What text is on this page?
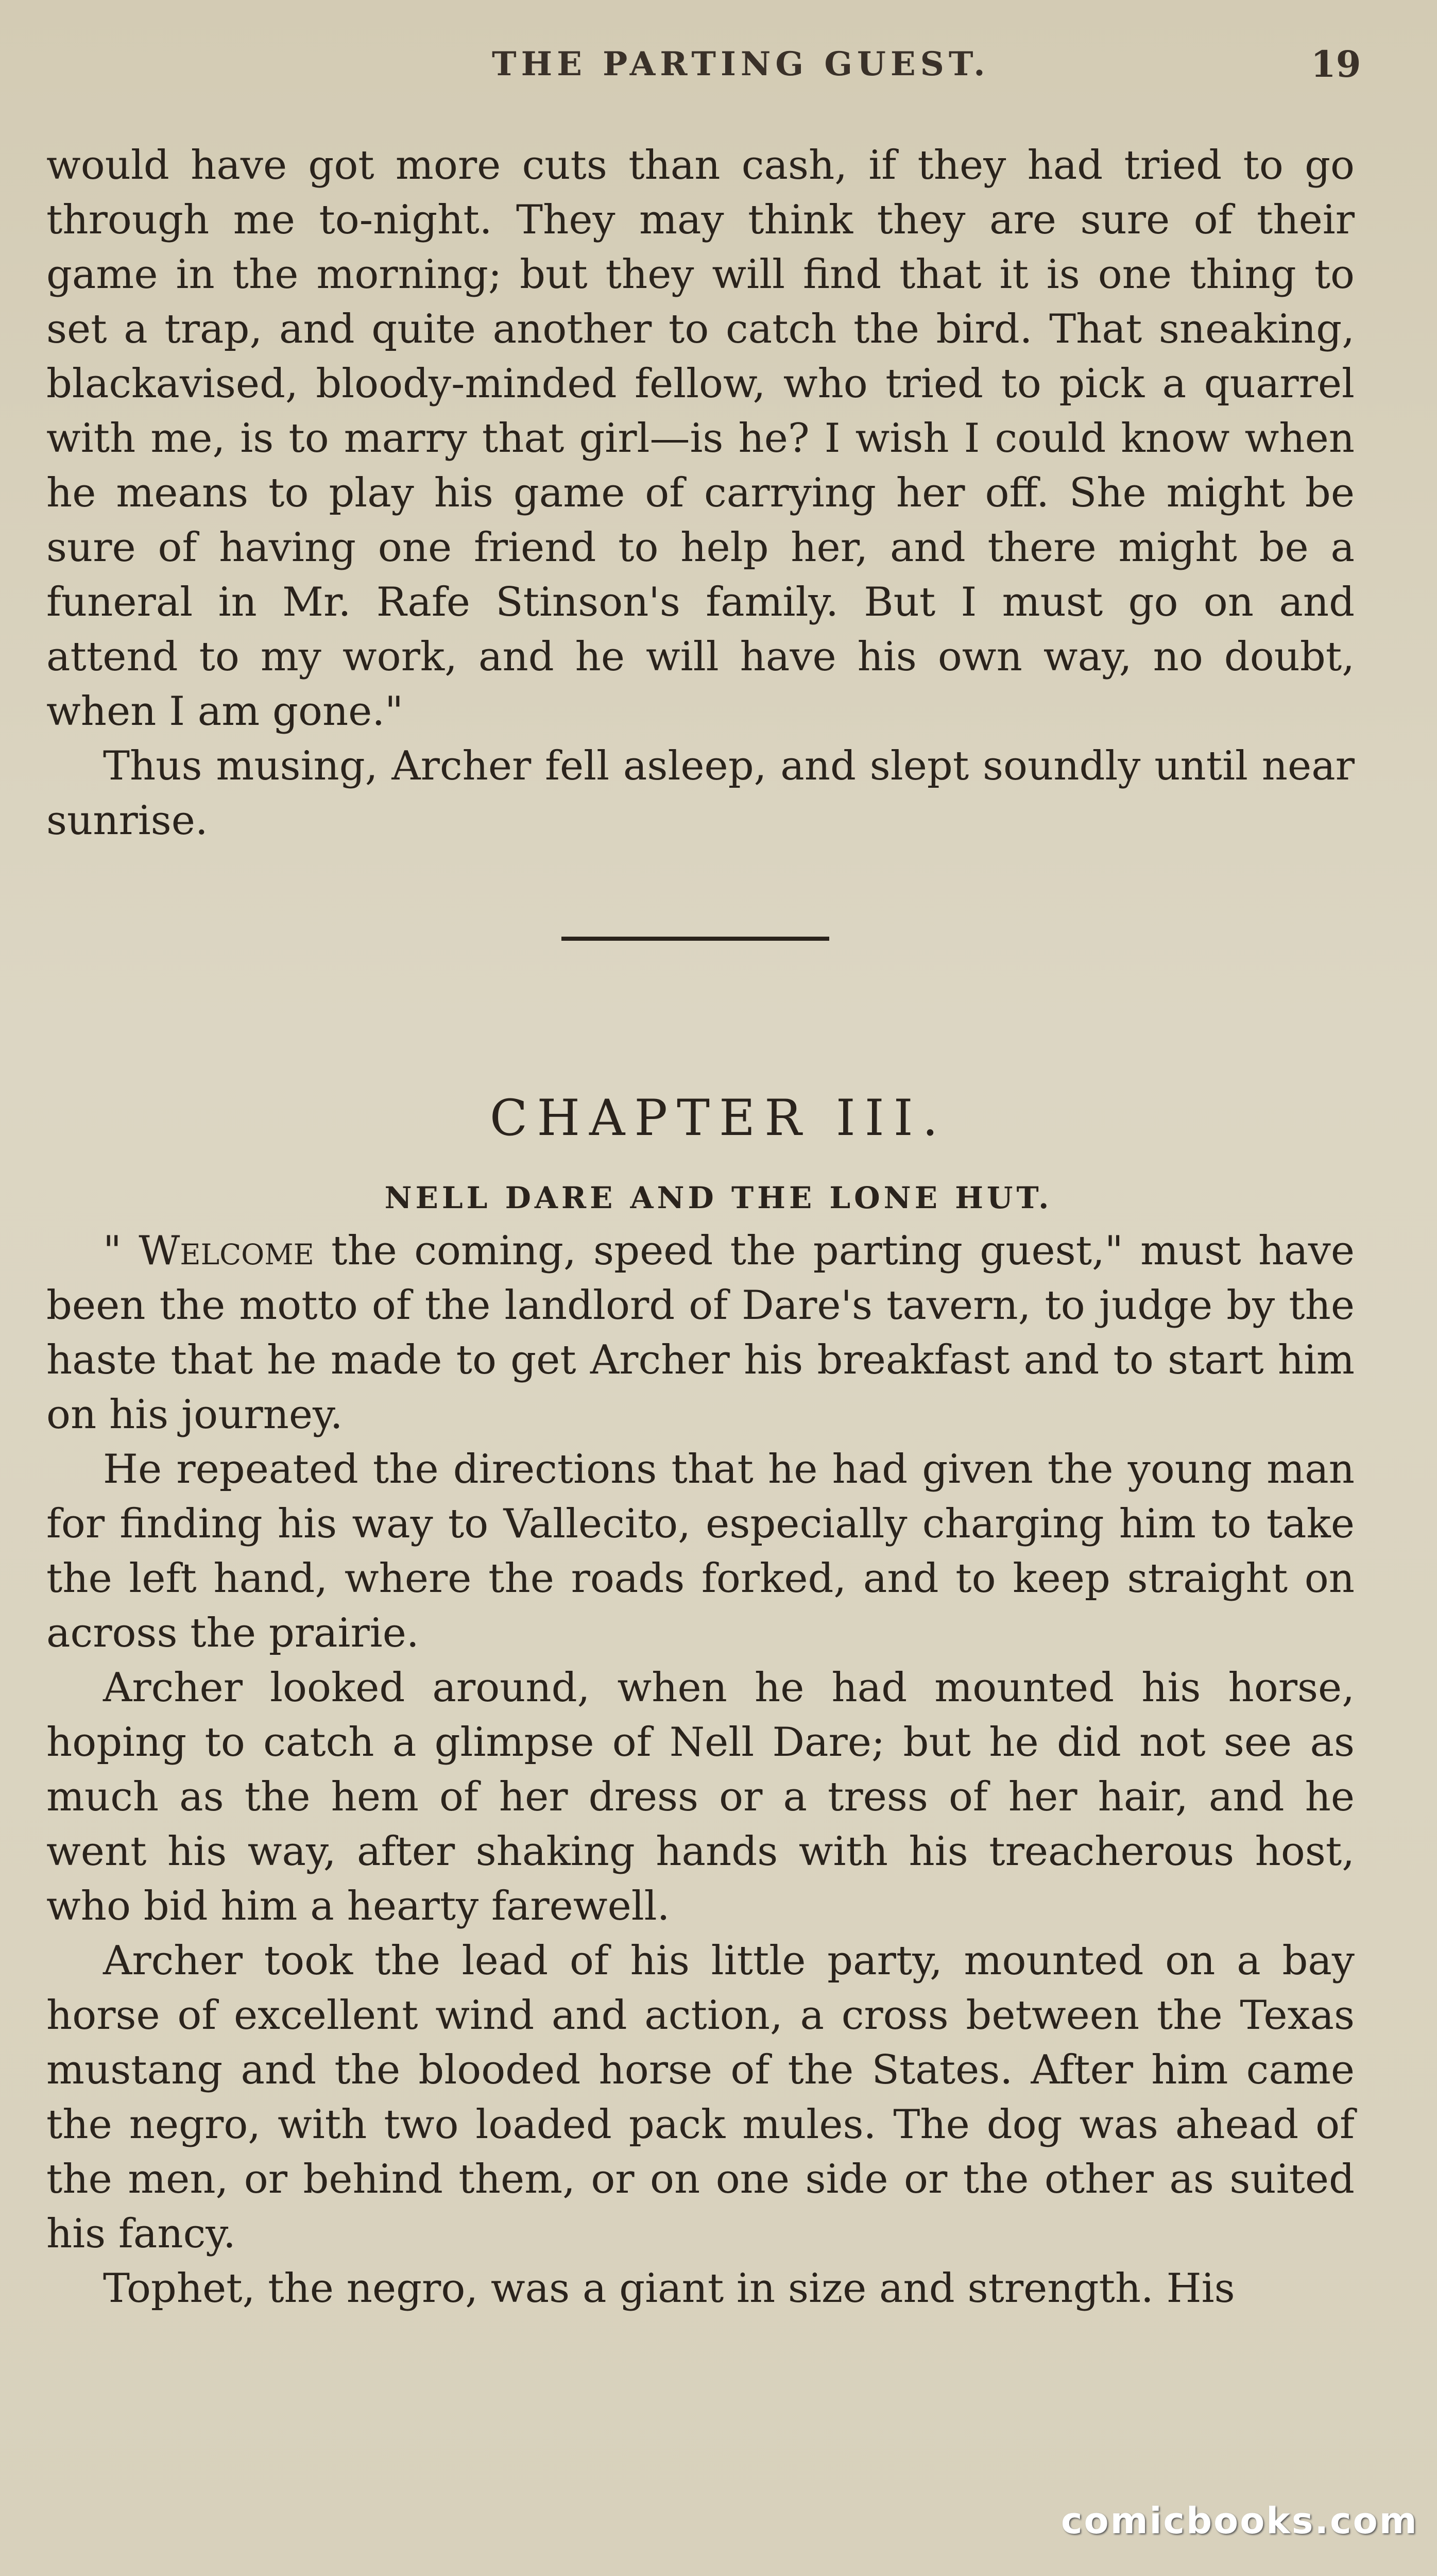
THE PARTING GUEST.	19

would have got more cuts than cash, if they had tried to go through me to-night. They may think they are sure of their game in the morning; but they will find that it is one thing to set a trap, and quite another to catch the bird. That sneaking, blackavised, bloody-minded fellow, who tried to pick a quarrel with me, is to marry that girl—is he? I wish I could know when he means to play his game of carrying her off. She might be sure of having one friend to help her, and there might be a funeral in Mr. Rafe Stinson's family. But I must go on and attend to my work, and he will have his own way, no doubt, when I am gone."

Thus musing, Archer fell asleep, and slept soundly until near sunrise.

CHAPTER III.
NELL DARE AND THE LONE HUT.

" Welcome the coming, speed the parting guest," must have been the motto of the landlord of Dare's tavern, to judge by the haste that he made to get Archer his breakfast and to start him on his journey.

He repeated the directions that he had given the young man for finding his way to Vallecito, especially charging him to take the left hand, where the roads forked, and to keep straight on across the prairie.

Archer looked around, when he had mounted his horse, hoping to catch a glimpse of Nell Dare; but he did not see as much as the hem of her dress or a tress of her hair, and he went his way, after shaking hands with his treacherous host, who bid him a hearty farewell.

Archer took the lead of his little party, mounted on a bay horse of excellent wind and action, a cross between the Texas mustang and the blooded horse of the States. After him came the negro, with two loaded pack mules. The dog was ahead of the men, or behind them, or on one side or the other as suited his fancy.

Tophet, the negro, was a giant in size and strength. His

comicbooks.com
